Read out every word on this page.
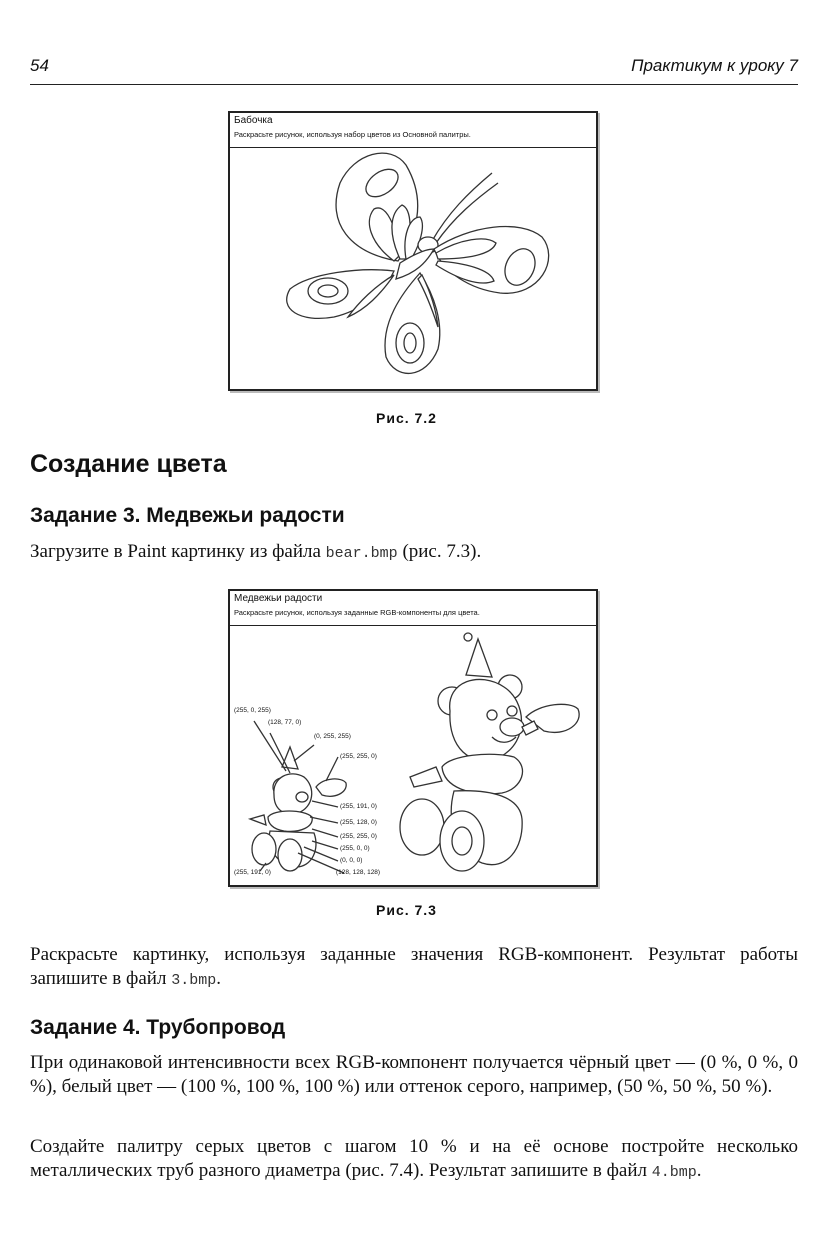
54	Практикум к уроку 7
Бабочка
Раскрасьте рисунок, используя набор цветов из Основной палитры.
Рис. 7.2
Создание цвета
Задание 3. Медвежьи радости
Загрузите в Paint картинку из файла bear.bmp (рис. 7.3).
Медвежьи радости
Раскрасьте рисунок, используя заданные RGB-компоненты для цвета.
(255, 0, 255)
(128, 77, 0)
(0, 255, 255)
(255, 255, 0)
(255, 191, 0)
(255, 128, 0)
(255, 255, 0)
(255, 0, 0)
(0, 0, 0)
(128, 128, 128)
(255, 191, 0)
Рис. 7.3
Раскрасьте картинку, используя заданные значения RGB-компонент. Результат работы запишите в файл 3.bmp.
Задание 4. Трубопровод
При одинаковой интенсивности всех RGB-компонент получается чёрный цвет — (0 %, 0 %, 0 %), белый цвет — (100 %, 100 %, 100 %) или оттенок серого, например, (50 %, 50 %, 50 %).
Создайте палитру серых цветов с шагом 10 % и на её основе постройте несколько металлических труб разного диаметра (рис. 7.4). Результат запишите в файл 4.bmp.
